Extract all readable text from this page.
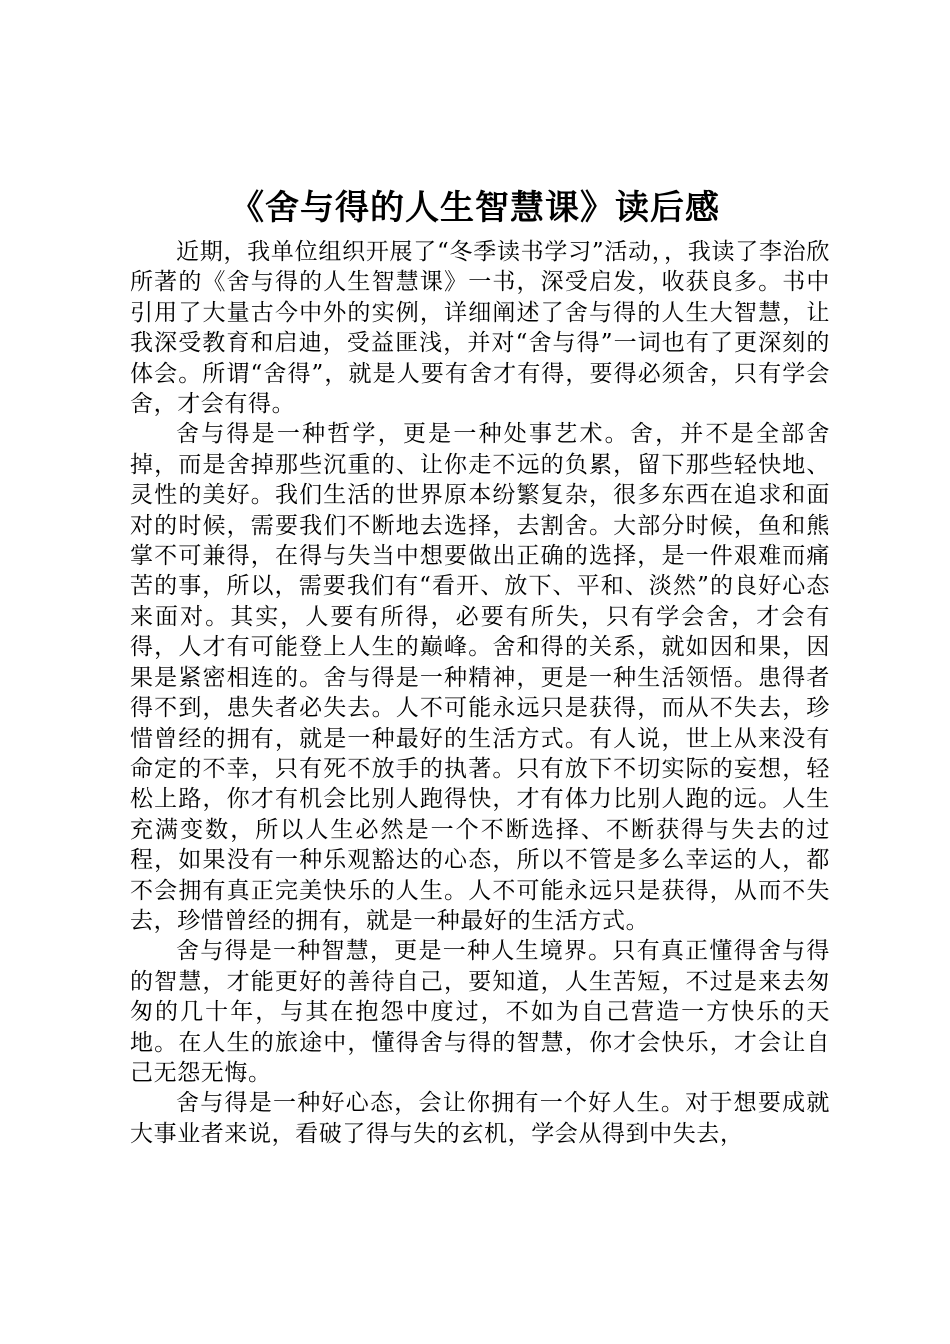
《舍与得的人生智慧课》读后感

近期，我单位组织开展了“冬季读书学习”活动，，我读了李治欣所著的《舍与得的人生智慧课》一书，深受启发，收获良多。书中引用了大量古今中外的实例，详细阐述了舍与得的人生大智慧，让我深受教育和启迪，受益匪浅，并对“舍与得”一词也有了更深刻的体会。所谓“舍得”，就是人要有舍才有得，要得必须舍，只有学会舍，才会有得。

舍与得是一种哲学，更是一种处事艺术。舍，并不是全部舍掉，而是舍掉那些沉重的、让你走不远的负累，留下那些轻快地、灵性的美好。我们生活的世界原本纷繁复杂，很多东西在追求和面对的时候，需要我们不断地去选择，去割舍。大部分时候，鱼和熊掌不可兼得，在得与失当中想要做出正确的选择，是一件艰难而痛苦的事，所以，需要我们有“看开、放下、平和、淡然”的良好心态来面对。其实，人要有所得，必要有所失，只有学会舍，才会有得，人才有可能登上人生的巅峰。舍和得的关系，就如因和果，因果是紧密相连的。舍与得是一种精神，更是一种生活领悟。患得者得不到，患失者必失去。人不可能永远只是获得，而从不失去，珍惜曾经的拥有，就是一种最好的生活方式。有人说，世上从来没有命定的不幸，只有死不放手的执著。只有放下不切实际的妄想，轻松上路，你才有机会比别人跑得快，才有体力比别人跑的远。人生充满变数，所以人生必然是一个不断选择、不断获得与失去的过程，如果没有一种乐观豁达的心态，所以不管是多么幸运的人，都不会拥有真正完美快乐的人生。人不可能永远只是获得，从而不失去，珍惜曾经的拥有，就是一种最好的生活方式。

舍与得是一种智慧，更是一种人生境界。只有真正懂得舍与得的智慧，才能更好的善待自己，要知道，人生苦短，不过是来去匆匆的几十年，与其在抱怨中度过，不如为自己营造一方快乐的天地。在人生的旅途中，懂得舍与得的智慧，你才会快乐，才会让自己无怨无悔。

舍与得是一种好心态，会让你拥有一个好人生。对于想要成就大事业者来说，看破了得与失的玄机，学会从得到中失去，
